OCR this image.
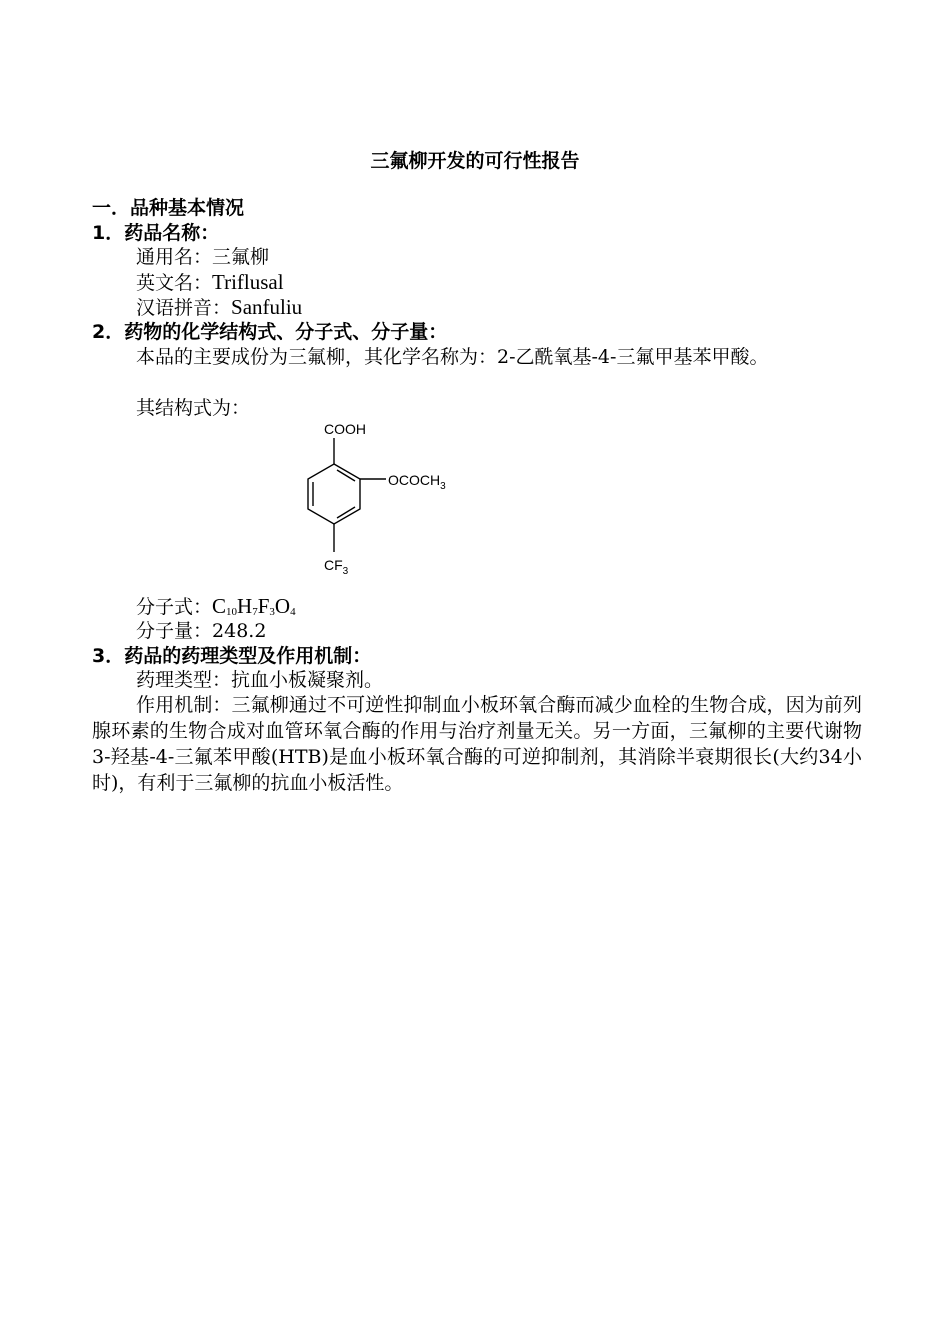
三氟柳开发的可行性报告
一．品种基本情况
1．药品名称：
通用名：三氟柳
英文名：Triflusal
汉语拼音：Sanfuliu
2．药物的化学结构式、分子式、分子量：
本品的主要成份为三氟柳，其化学名称为：2-乙酰氧基-4-三氟甲基苯甲酸。
其结构式为：
COOH
$OCOCH_3$
$CF_3$
分子式：$C_{10}H_7F_3O_4$
分子量：248.2
3．药品的药理类型及作用机制：
药理类型：抗血小板凝聚剂。
作用机制：三氟柳通过不可逆性抑制血小板环氧合酶而减少血栓的生物合成，因为前列腺环素的生物合成对血管环氧合酶的作用与治疗剂量无关。另一方面，三氟柳的主要代谢物3-羟基-4-三氟苯甲酸(HTB)是血小板环氧合酶的可逆抑制剂，其消除半衰期很长(大约34小时)，有利于三氟柳的抗血小板活性。
